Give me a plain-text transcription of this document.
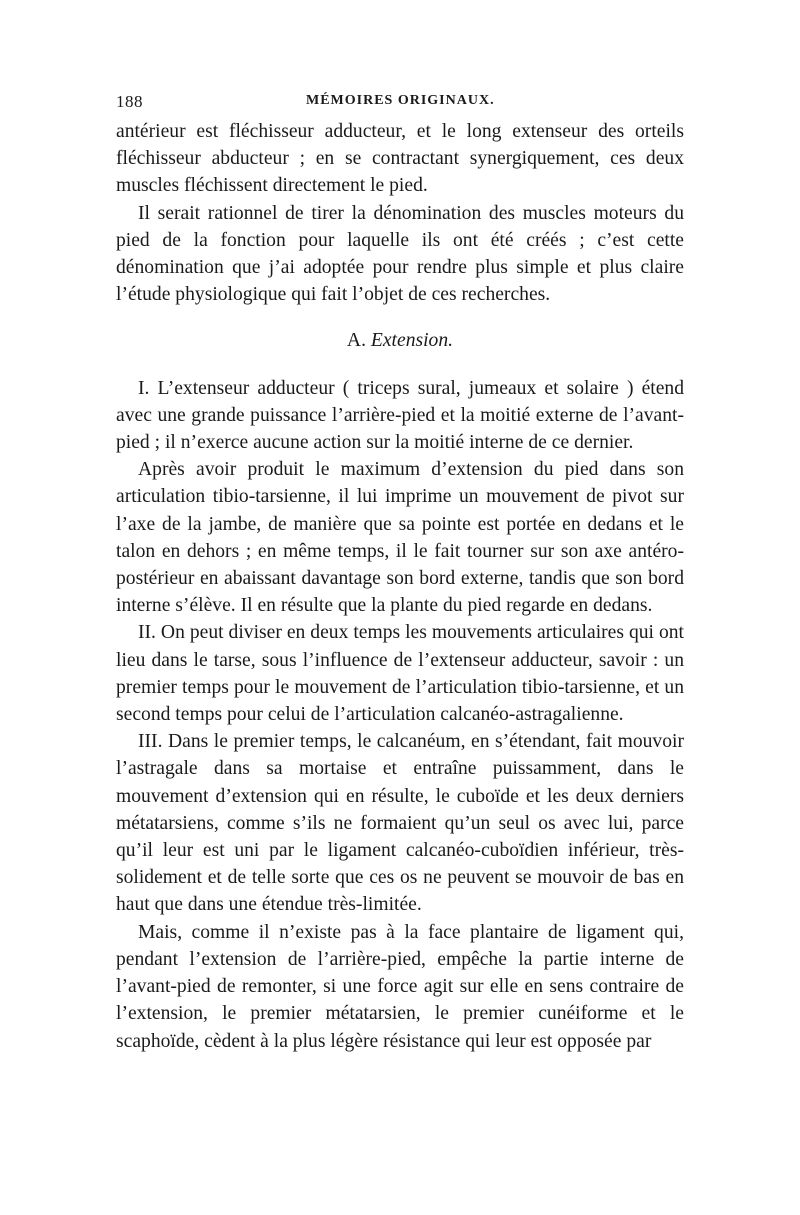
188	MÉMOIRES ORIGINAUX.

antérieur est fléchisseur adducteur, et le long extenseur des orteils fléchisseur abducteur ; en se contractant synergiquement, ces deux muscles fléchissent directement le pied.

Il serait rationnel de tirer la dénomination des muscles moteurs du pied de la fonction pour laquelle ils ont été créés ; c’est cette dénomination que j’ai adoptée pour rendre plus simple et plus claire l’étude physiologique qui fait l’objet de ces recherches.

A. Extension.

I. L’extenseur adducteur ( triceps sural, jumeaux et solaire ) étend avec une grande puissance l’arrière-pied et la moitié externe de l’avant-pied ; il n’exerce aucune action sur la moitié interne de ce dernier.

Après avoir produit le maximum d’extension du pied dans son articulation tibio-tarsienne, il lui imprime un mouvement de pivot sur l’axe de la jambe, de manière que sa pointe est portée en dedans et le talon en dehors ; en même temps, il le fait tourner sur son axe antéro-postérieur en abaissant davantage son bord externe, tandis que son bord interne s’élève. Il en résulte que la plante du pied regarde en dedans.

II. On peut diviser en deux temps les mouvements articulaires qui ont lieu dans le tarse, sous l’influence de l’extenseur adducteur, savoir : un premier temps pour le mouvement de l’articulation tibio-tarsienne, et un second temps pour celui de l’articulation calcanéo-astragalienne.

III. Dans le premier temps, le calcanéum, en s’étendant, fait mouvoir l’astragale dans sa mortaise et entraîne puissamment, dans le mouvement d’extension qui en résulte, le cuboïde et les deux derniers métatarsiens, comme s’ils ne formaient qu’un seul os avec lui, parce qu’il leur est uni par le ligament calcanéo-cuboïdien inférieur, très-solidement et de telle sorte que ces os ne peuvent se mouvoir de bas en haut que dans une étendue très-limitée.

Mais, comme il n’existe pas à la face plantaire de ligament qui, pendant l’extension de l’arrière-pied, empêche la partie interne de l’avant-pied de remonter, si une force agit sur elle en sens contraire de l’extension, le premier métatarsien, le premier cunéiforme et le scaphoïde, cèdent à la plus légère résistance qui leur est opposée par
